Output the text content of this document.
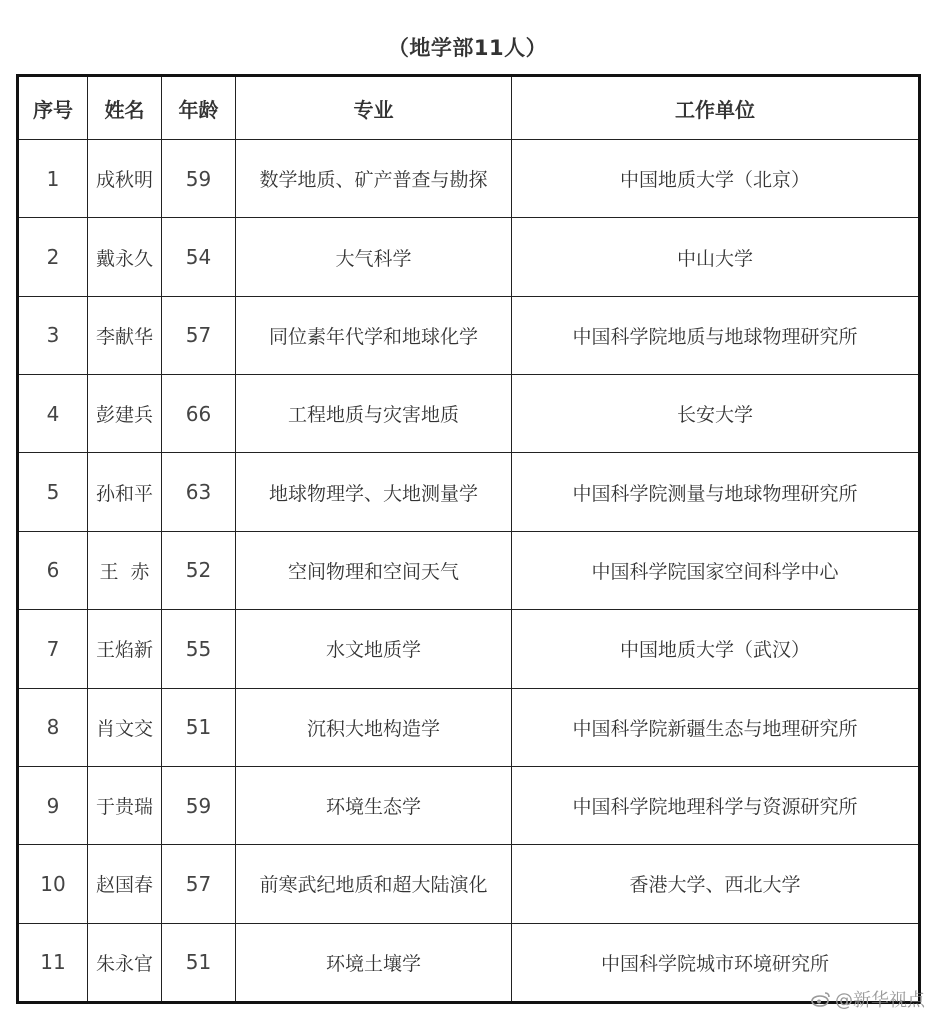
（地学部11人）
序号	姓名	年龄	专业	工作单位
1	成秋明	59	数学地质、矿产普查与勘探	中国地质大学（北京）
2	戴永久	54	大气科学	中山大学
3	李献华	57	同位素年代学和地球化学	中国科学院地质与地球物理研究所
4	彭建兵	66	工程地质与灾害地质	长安大学
5	孙和平	63	地球物理学、大地测量学	中国科学院测量与地球物理研究所
6	王  赤	52	空间物理和空间天气	中国科学院国家空间科学中心
7	王焰新	55	水文地质学	中国地质大学（武汉）
8	肖文交	51	沉积大地构造学	中国科学院新疆生态与地理研究所
9	于贵瑞	59	环境生态学	中国科学院地理科学与资源研究所
10	赵国春	57	前寒武纪地质和超大陆演化	香港大学、西北大学
11	朱永官	51	环境土壤学	中国科学院城市环境研究所
@新华视点
